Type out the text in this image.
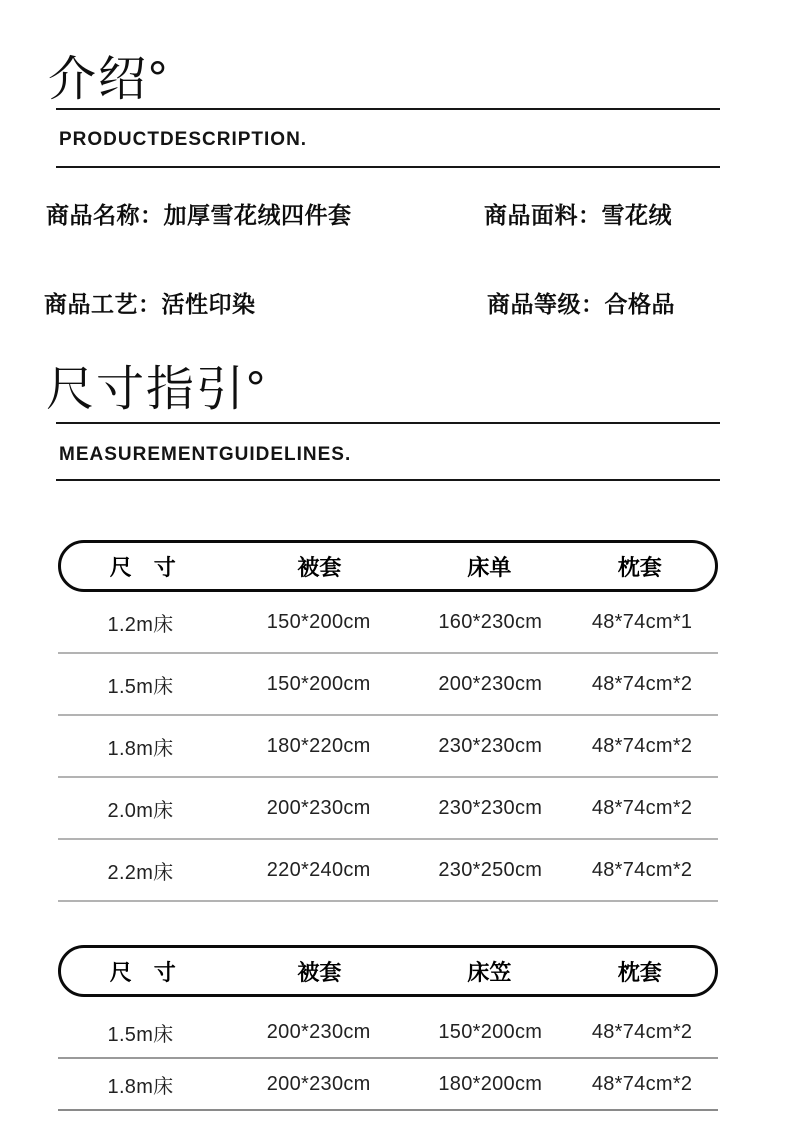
介绍°
PRODUCTDESCRIPTION.
商品名称：加厚雪花绒四件套	商品面料：雪花绒
商品工艺：活性印染	商品等级：合格品
尺寸指引°
MEASUREMENTGUIDELINES.
尺　寸	被套	床单	枕套
1.2m床	150*200cm	160*230cm	48*74cm*1
1.5m床	150*200cm	200*230cm	48*74cm*2
1.8m床	180*220cm	230*230cm	48*74cm*2
2.0m床	200*230cm	230*230cm	48*74cm*2
2.2m床	220*240cm	230*250cm	48*74cm*2
尺　寸	被套	床笠	枕套
1.5m床	200*230cm	150*200cm	48*74cm*2
1.8m床	200*230cm	180*200cm	48*74cm*2
